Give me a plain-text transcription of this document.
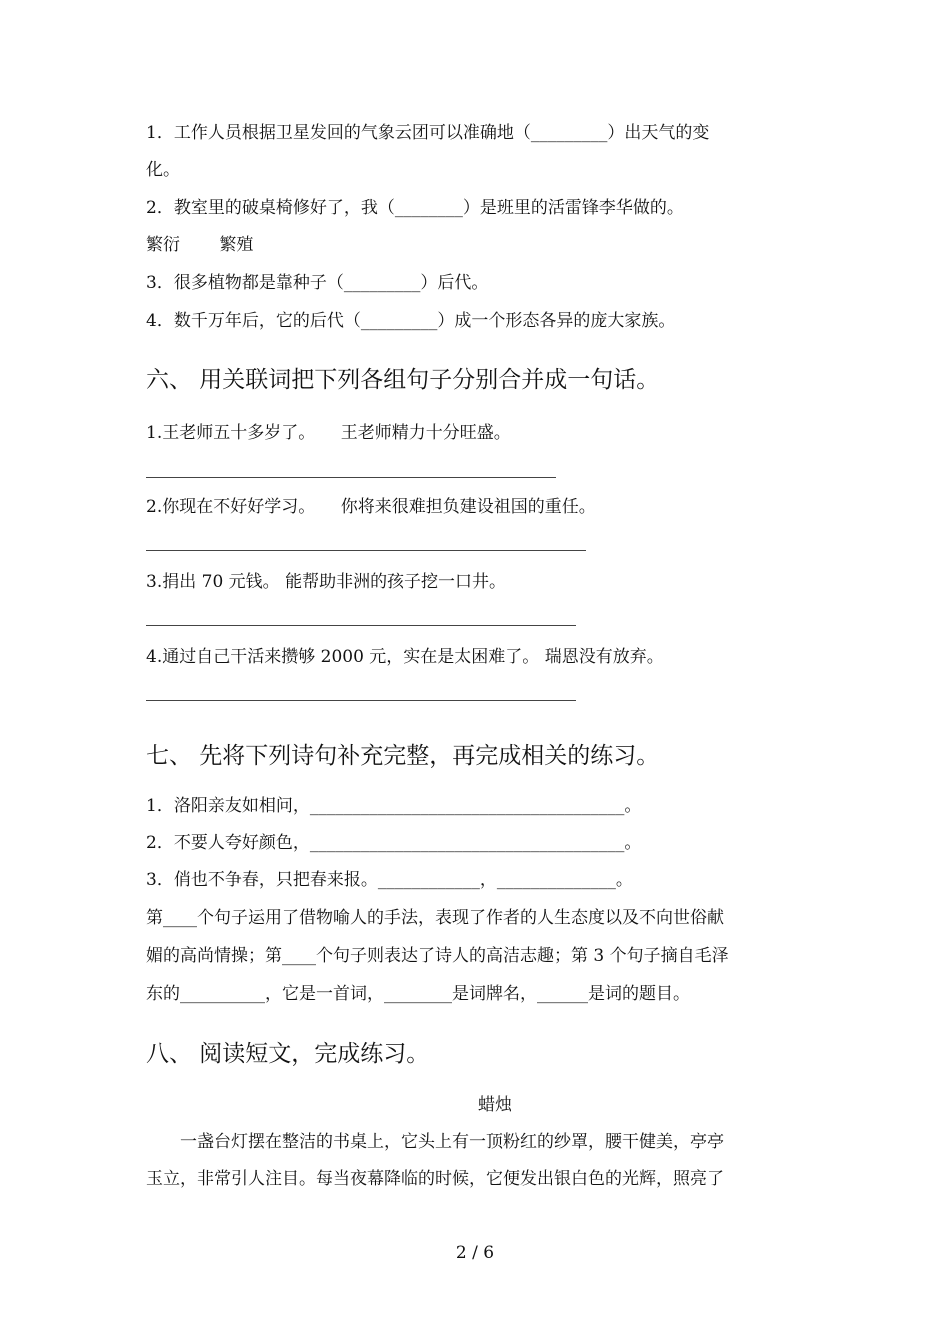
1．工作人员根据卫星发回的气象云团可以准确地（_________）出天气的变
化。
2．教室里的破桌椅修好了，我（________）是班里的活雷锋李华做的。
繁衍　　 繁殖
3．很多植物都是靠种子（_________）后代。
4．数千万年后，它的后代（_________）成一个形态各异的庞大家族。
六、 用关联词把下列各组句子分别合并成一句话。
1.王老师五十多岁了。　　王老师精力十分旺盛。
2.你现在不好好学习。　　你将来很难担负建设祖国的重任。
3.捐出 70 元钱。 能帮助非洲的孩子挖一口井。
4.通过自己干活来攒够 2000 元，实在是太困难了。 瑞恩没有放弃。
七、 先将下列诗句补充完整，再完成相关的练习。
1．洛阳亲友如相问，_____________________________________。
2．不要人夸好颜色，_____________________________________。
3．俏也不争春，只把春来报。____________，______________。
第____个句子运用了借物喻人的手法，表现了作者的人生态度以及不向世俗献
媚的高尚情操；第____个句子则表达了诗人的高洁志趣；第 3 个句子摘自毛泽
东的__________，它是一首词，________是词牌名，______是词的题目。
八、 阅读短文，完成练习。
蜡烛
　　一盏台灯摆在整洁的书桌上，它头上有一顶粉红的纱罩，腰干健美，亭亭
玉立，非常引人注目。每当夜幕降临的时候，它便发出银白色的光辉，照亮了
2 / 6
